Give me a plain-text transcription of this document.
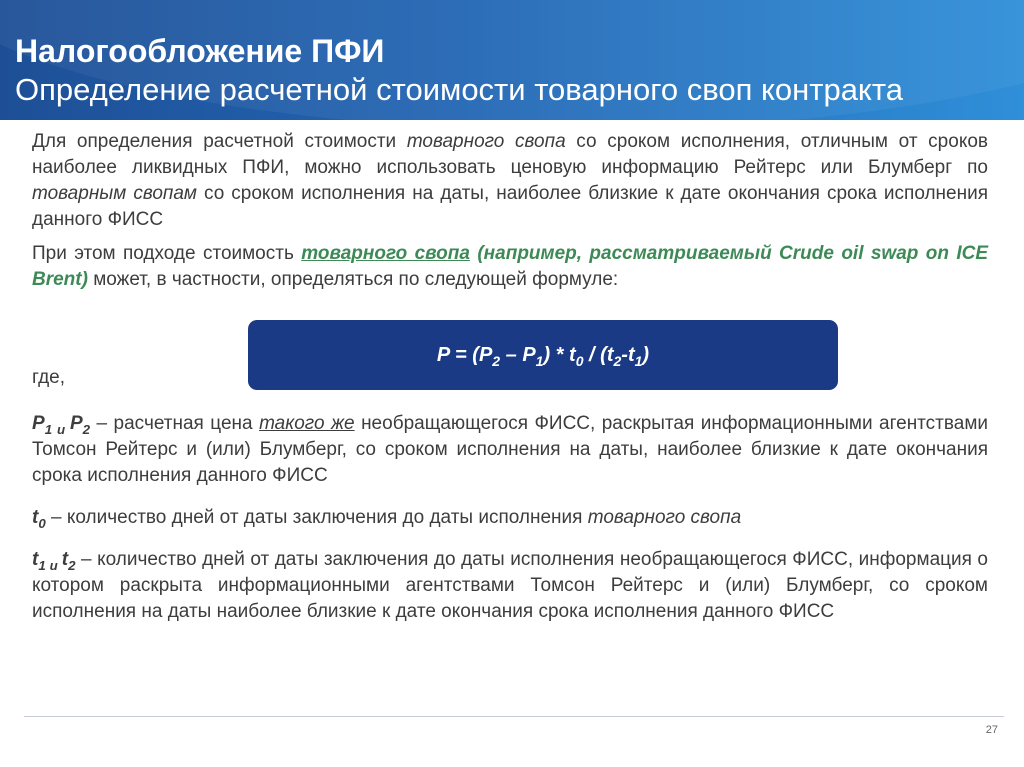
Налогообложение ПФИ
Определение расчетной стоимости товарного своп контракта

Для определения расчетной стоимости товарного свопа со сроком исполнения, отличным от сроков наиболее ликвидных ПФИ, можно использовать ценовую информацию Рейтерс или Блумберг по товарным свопам со сроком исполнения на даты, наиболее близкие к дате окончания срока исполнения данного ФИСС

При этом подходе стоимость товарного свопа (например, рассматриваемый Crude oil swap on ICE Brent) может, в частности, определяться по следующей формуле:

где,

$P_1$ $_и$ $P_2$ – расчетная цена такого же необращающегося ФИСС, раскрытая информационными агентствами Томсон Рейтерс и (или) Блумберг, со сроком исполнения на даты, наиболее близкие к дате окончания срока исполнения данного ФИСС

$t_0$ – количество дней от даты заключения до даты исполнения товарного свопа

$t_1$ $_и$ $t_2$ – количество дней от даты заключения до даты исполнения необращающегося ФИСС, информация о котором раскрыта информационными агентствами Томсон Рейтерс и (или) Блумберг, со сроком исполнения на даты наиболее близкие к дате окончания срока исполнения данного ФИСС

$P = (P_2 - P_1) * t_0 / (t_2-t_1)$
27
